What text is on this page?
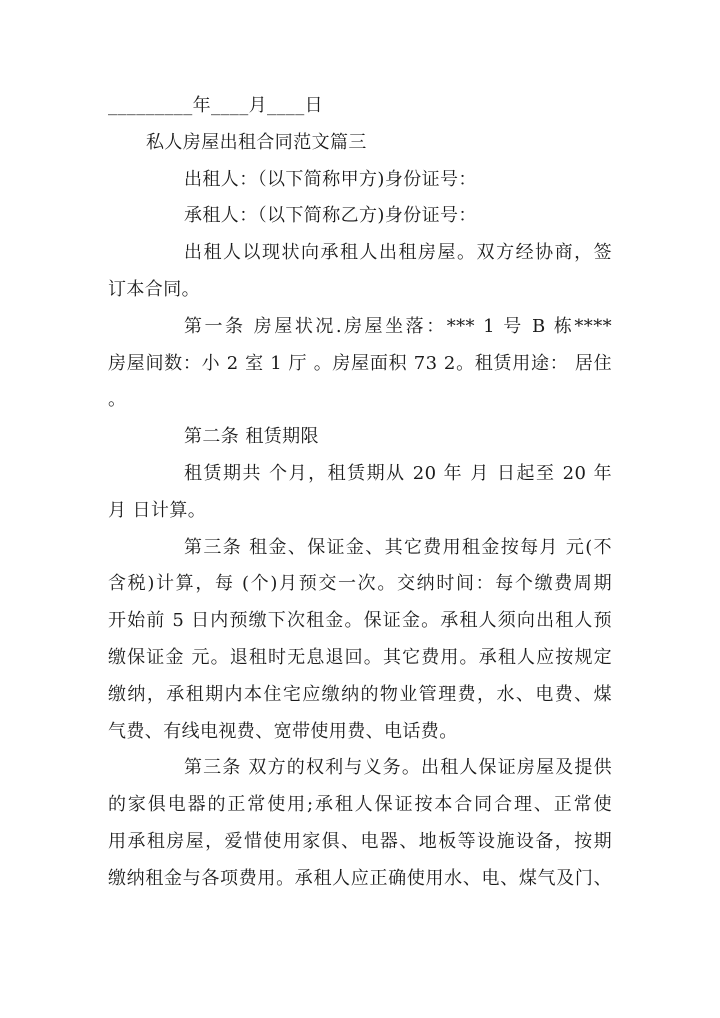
_________年____月____日
私人房屋出租合同范文篇三
出租人：（以下简称甲方)身份证号：
承租人：（以下简称乙方)身份证号：
出租人以现状向承租人出租房屋。双方经协商，签
订本合同。
第一条 房屋状况.房屋坐落：*** 1 号 B 栋****
房屋间数：小 2 室 1 厅 。房屋面积 73 2。租赁用途： 居住
。
第二条 租赁期限
租赁期共 个月，租赁期从 20 年 月 日起至 20 年
月 日计算。
第三条 租金、保证金、其它费用租金按每月 元(不
含税)计算，每 (个)月预交一次。交纳时间：每个缴费周期
开始前 5 日内预缴下次租金。保证金。承租人须向出租人预
缴保证金 元。退租时无息退回。其它费用。承租人应按规定
缴纳，承租期内本住宅应缴纳的物业管理费，水、电费、煤
气费、有线电视费、宽带使用费、电话费。
第三条 双方的权利与义务。出租人保证房屋及提供
的家俱电器的正常使用;承租人保证按本合同合理、正常使
用承租房屋，爱惜使用家俱、电器、地板等设施设备，按期
缴纳租金与各项费用。承租人应正确使用水、电、煤气及门、
